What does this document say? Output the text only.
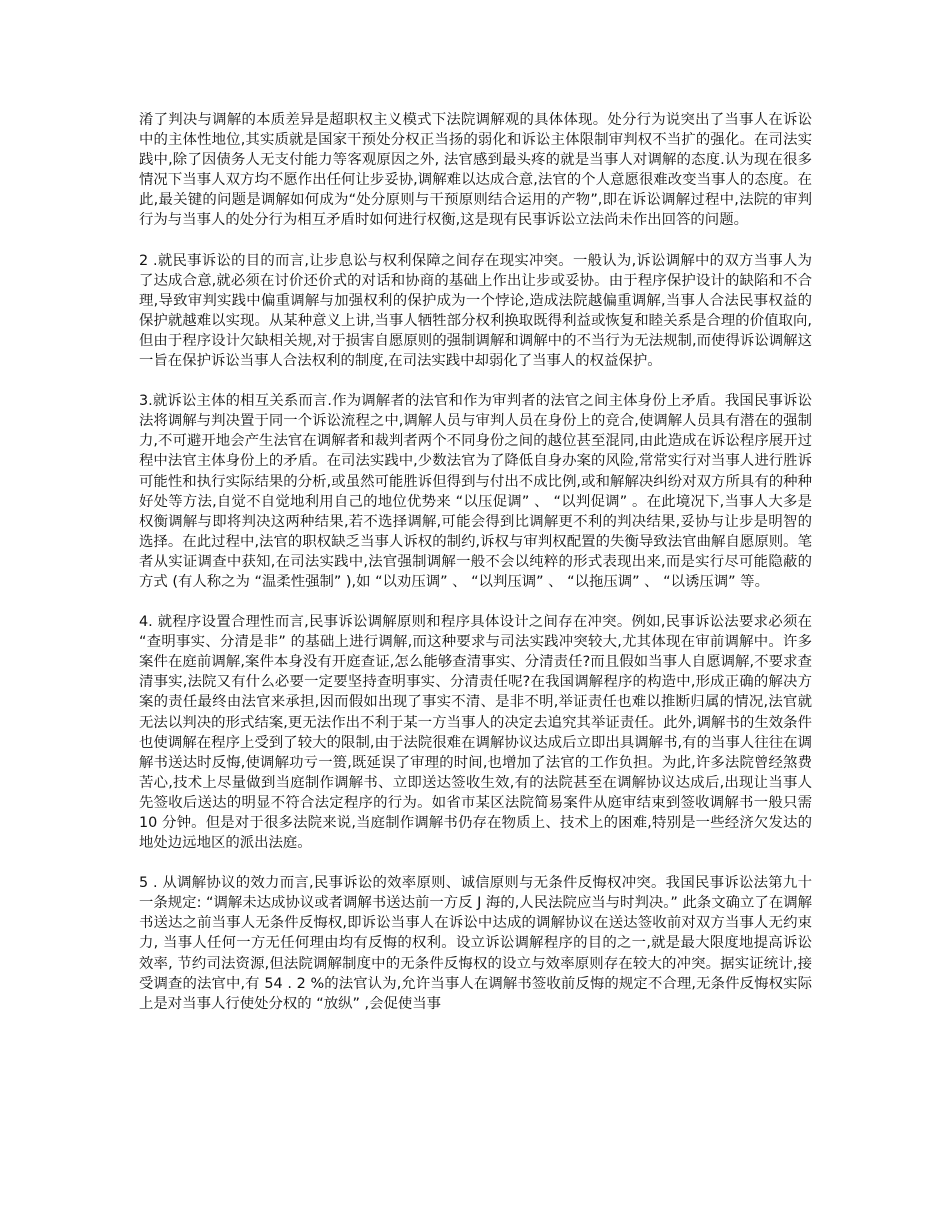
淆了判决与调解的本质差异是超职权主义模式下法院调解观的具体体现。处分行为说突出了当事人在诉讼中的主体性地位,其实质就是国家干预处分权正当扬的弱化和诉讼主体限制审判权不当扩的强化。在司法实践中,除了因债务人无支付能力等客观原因之外, 法官感到最头疼的就是当事人对调解的态度.认为现在很多情况下当事人双方均不愿作出任何让步妥协,调解难以达成合意,法官的个人意愿很难改变当事人的态度。在此,最关键的问题是调解如何成为“处分原则与干预原则结合运用的产物”,即在诉讼调解过程中,法院的审判行为与当事人的处分行为相互矛盾时如何进行权衡,这是现有民事诉讼立法尚未作出回答的问题。

2 .就民事诉讼的目的而言,让步息讼与权利保障之间存在现实冲突。一般认为,诉讼调解中的双方当事人为了达成合意,就必须在讨价还价式的对话和协商的基础上作出让步或妥协。由于程序保护设计的缺陷和不合理,导致审判实践中偏重调解与加强权利的保护成为一个悖论,造成法院越偏重调解,当事人合法民事权益的保护就越难以实现。从某种意义上讲,当事人牺牲部分权利换取既得利益或恢复和睦关系是合理的价值取向, 但由于程序设计欠缺相关规,对于损害自愿原则的强制调解和调解中的不当行为无法规制,而使得诉讼调解这一旨在保护诉讼当事人合法权利的制度,在司法实践中却弱化了当事人的权益保护。

3.就诉讼主体的相互关系而言.作为调解者的法官和作为审判者的法官之间主体身份上矛盾。我国民事诉讼法将调解与判决置于同一个诉讼流程之中,调解人员与审判人员在身份上的竞合,使调解人员具有潜在的强制力,不可避开地会产生法官在调解者和裁判者两个不同身份之间的越位甚至混同,由此造成在诉讼程序展开过程中法官主体身份上的矛盾。在司法实践中,少数法官为了降低自身办案的风险,常常实行对当事人进行胜诉可能性和执行实际结果的分析,或虽然可能胜诉但得到与付出不成比例,或和解解决纠纷对双方所具有的种种好处等方法,自觉不自觉地利用自己的地位优势来 “以压促调” 、 “以判促调” 。在此境况下,当事人大多是权衡调解与即将判决这两种结果,若不选择调解,可能会得到比调解更不利的判决结果,妥协与让步是明智的选择。在此过程中,法官的职权缺乏当事人诉权的制约,诉权与审判权配置的失衡导致法官曲解自愿原则。笔者从实证调查中获知,在司法实践中,法官强制调解一般不会以纯粹的形式表现出来,而是实行尽可能隐蔽的方式 (有人称之为 “温柔性强制” ),如 “以劝压调” 、 “以判压调” 、 “以拖压调” 、 “以诱压调” 等。

4. 就程序设置合理性而言,民事诉讼调解原则和程序具体设计之间存在冲突。例如,民事诉讼法要求必须在 “查明事实、分清是非” 的基础上进行调解,而这种要求与司法实践冲突较大,尤其体现在审前调解中。许多案件在庭前调解,案件本身没有开庭查证,怎么能够查清事实、分清责任?而且假如当事人自愿调解,不要求查清事实,法院又有什么必要一定要坚持查明事实、分清责任呢?在我国调解程序的构造中,形成正确的解决方案的责任最终由法官来承担,因而假如出现了事实不清、是非不明,举证责任也难以推断归属的情况,法官就无法以判决的形式结案,更无法作出不利于某一方当事人的决定去追究其举证责任。此外,调解书的生效条件也使调解在程序上受到了较大的限制,由于法院很难在调解协议达成后立即出具调解书,有的当事人往往在调解书送达时反悔,使调解功亏一篑,既延误了审理的时间,也增加了法官的工作负担。为此,许多法院曾经煞费苦心,技术上尽量做到当庭制作调解书、立即送达签收生效,有的法院甚至在调解协议达成后,出现让当事人先签收后送达的明显不符合法定程序的行为。如省市某区法院简易案件从庭审结束到签收调解书一般只需 10 分钟。但是对于很多法院来说,当庭制作调解书仍存在物质上、技术上的困难,特别是一些经济欠发达的地处边远地区的派出法庭。

5 . 从调解协议的效力而言,民事诉讼的效率原则、诚信原则与无条件反悔权冲突。我国民事诉讼法第九十一条规定: “调解未达成协议或者调解书送达前一方反 J 海的,人民法院应当与时判决。” 此条文确立了在调解书送达之前当事人无条件反悔权,即诉讼当事人在诉讼中达成的调解协议在送达签收前对双方当事人无约束力, 当事人任何一方无任何理由均有反悔的权利。设立诉讼调解程序的目的之一,就是最大限度地提高诉讼效率, 节约司法资源,但法院调解制度中的无条件反悔权的设立与效率原则存在较大的冲突。据实证统计,接受调查的法官中,有 54 . 2 %的法官认为,允许当事人在调解书签收前反悔的规定不合理,无条件反悔权实际上是对当事人行使处分权的 “放纵” ,会促使当事
